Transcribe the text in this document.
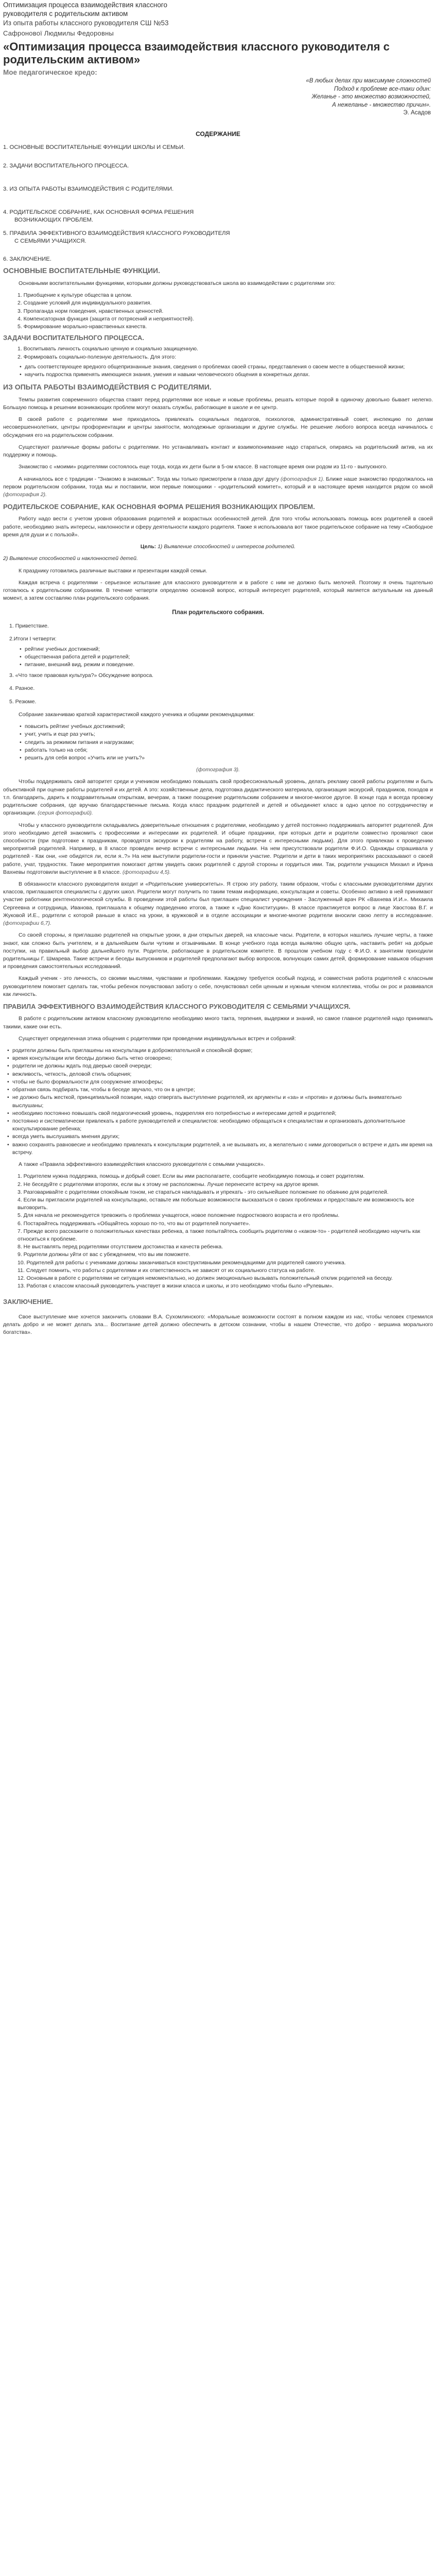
Оптимизация процесса взаимодействия классного
руководителя с родительским активом
Из опыта работы классного руководителя СШ №53
Сафронової Людмилы Федоровны
«Оптимизация процесса взаимодействия классного руководителя с родительским активом»
Мое педагогическое кредо:
«В любых делах при максимуме сложностей
Подход к проблеме все-таки один:
Желанье - это множество возможностей,
А нежеланье - множество причин».
Э. Асадов
СОДЕРЖАНИЕ
1. ОСНОВНЫЕ ВОСПИТАТЕЛЬНЫЕ ФУНКЦИИ ШКОЛЫ И СЕМЬИ.
2. ЗАДАЧИ ВОСПИТАТЕЛЬНОГО ПРОЦЕССА.
3. ИЗ ОПЫТА РАБОТЫ ВЗАИМОДЕЙСТВИЯ С РОДИТЕЛЯМИ.
4. РОДИТЕЛЬСКОЕ СОБРАНИЕ, КАК ОСНОВНАЯ ФОРМА РЕШЕНИЯ
ВОЗНИКАЮЩИХ ПРОБЛЕМ.
5. ПРАВИЛА ЭФФЕКТИВНОГО ВЗАИМОДЕЙСТВИЯ КЛАССНОГО РУКОВОДИТЕЛЯ
С СЕМЬЯМИ УЧАЩИХСЯ.
6. ЗАКЛЮЧЕНИЕ.
ОСНОВНЫЕ ВОСПИТАТЕЛЬНЫЕ ФУНКЦИИ.

Основными воспитательными функциями, которыми должны руководствоваться школа во взаимодействии с родителями это:

1. Приобщение к культуре общества в целом.
2. Создание условий для индивидуального развития.
3. Пропаганда норм поведения, нравственных ценностей.
4. Компенсаторная функция (защита от потрясений и неприятностей).
5. Формирование морально-нравственных качеств.
ЗАДАЧИ ВОСПИТАТЕЛЬНОГО ПРОЦЕССА.
1. Воспитывать личность социально ценную и социально защищенную.
2. Формировать социально-полезную деятельность. Для этого:
• дать соответствующее вредного общепризнанные знания, сведения о проблемах своей страны, представления о своем месте в общественной жизни;
• научить подростка применять имеющиеся знания, умения и навыки человеческого общения в конкретных делах.
ИЗ ОПЫТА РАБОТЫ ВЗАИМОДЕЙСТВИЯ С РОДИТЕЛЯМИ.

Темпы развития современного общества ставят перед родителями все новые и новые проблемы, решать которые порой в одиночку довольно бывает нелегко. Большую помощь в решении возникающих проблем могут оказать службы, работающие в школе и ее центр.

В своей работе с родителями мне приходилось привлекать социальных педагогов, психологов, административный совет, инспекцию по делам несовершеннолетних, центры профориентации и центры занятости, молодежные организации и другие службы. Не решение любого вопроса всегда начиналось с обсуждения его на родительском собрании.

Существуют различные формы работы с родителями. Но устанавливать контакт и взаимопонимание надо стараться, опираясь на родительский актив, на их поддержку и помощь.

Знакомство с «моими» родителями состоялось еще тогда, когда их дети были в 5-ом классе. В настоящее время они родом из 11-го - выпускного.

А начиналось все с традиции - "Знакомо в знакомых". Тогда мы только присмотрели в глаза друг другу (фотография 1). Ближе наше знакомство продолжалось на первом родительском собрании, тогда мы и поставили, мои первые помощники - «родительский комитет», который и в настоящее время находится рядом со мной (фотография 2).

РОДИТЕЛЬСКОЕ СОБРАНИЕ, КАК ОСНОВНАЯ ФОРМА РЕШЕНИЯ ВОЗНИКАЮЩИХ ПРОБЛЕМ.

Работу надо вести с учетом уровня образования родителей и возрастных особенностей детей. Для того чтобы использовать помощь всех родителей в своей работе, необходимо знать интересы, наклонности и сферу деятельности каждого родителя. Также я использовала вот такое родительское собрание на тему «Свободное время для души и с пользой».

Цель: 1) Выявление способностей и интересов родителей.

2) Выявление способностей и наклонностей детей.

К празднику готовились различные выставки и презентации каждой семьи.

Каждая встреча с родителями - серьезное испытание для классного руководителя и в работе с ним не должно быть мелочей. Поэтому я очень тщательно готовлюсь к родительским собраниям. В течение четверти определяю основной вопрос, который интересует родителей, который является актуальным на данный момент, а затем составляю план родительского собрания.

План родительского собрания.
1. Приветствие.
2.Итоги I четверти:
• рейтинг учебных достижений;
• общественная работа детей и родителей;
• питание, внешний вид, режим и поведение.
3. «Что такое правовая культура?» Обсуждение вопроса.
4. Разное.
5. Резюме.

Собрание заканчиваю краткой характеристикой каждого ученика и общими рекомендациями:

• повысить рейтинг учебных достижений;
• учит, учить и еще раз учить;
• следить за режимом питания и нагрузками;
• работать только на себя;
• решить для себя вопрос «Учить или не учить?»

(фотография 3).

Чтобы поддерживать свой авторитет среди и учеником необходимо повышать свой профессиональный уровень, делать рекламу своей работы родителям и быть объективной при оценке работы родителей и их детей. А это: хозяйственные дела, подготовка дидактического материала, организация экскурсий, праздников, походов и т.п. благодарить, дарить к поздравительным открыткам, вечерам, а также поощрение родительским собранием и многое-многое другое. В конце года я всегда провожу родительские собрания, где вручаю благодарственные письма. Когда класс праздник родителей и детей и объединяет класс в одно целое по сотрудничеству и организации. (серия фотографий).

Чтобы у классного руководителя складывались доверительные отношения с родителями, необходимо у детей постоянно поддерживать авторитет родителей. Для этого необходимо детей знакомить с профессиями и интересами их родителей. И общие праздники, при которых дети и родители совместно проявляют свои способности (при подготовке к праздникам, проводятся экскурсии к родителям на работу, встречи с интересными людьми). Для этого привлекаю к проведению мероприятий родителей. Например, в 8 классе проведен вечер встречи с интересными людьми. На нем присутствовали родители Ф.И.О. Однажды спрашивала у родителей - Как они, «не обидятся ли, если я..?» На нем выступили родители-гости и приняли участие. Родители и дети в таких мероприятиях рассказывают о своей работе, учат, трудностях. Такие мероприятия помогают детям увидеть своих родителей с другой стороны и гордиться ими. Так, родители учащихся Михаил и Ирина Вахневы подготовили выступление в 8 классе. (фотографии 4,5).

В обязанности классного руководителя входит и «Родительские университеты». Я строю эту работу, таким образом, чтобы с классными руководителями других классов, приглашаются специалисты с других школ. Родители могут получить по таким темам информацию, консультации и советы. Особенно активно в ней принимают участие работники рентгенологической службы. В проведении этой работы был приглашен специалист учреждения - Заслуженный врач РК «Вахнева И.И.». Михаила Сергеевна и сотрудница, Иванова, приглашала к общему подведению итогов, а также к «Дню Конституции». В классе практикуется вопрос в лице Хвостова В.Г. и Жуковой И.Е., родители с которой раньше в класс на уроки, в кружковой и в отделе ассоциации и многие-многие родители вносили свою лепту в исследование. (фотографии 6,7).

Со своей стороны, я приглашаю родителей на открытые уроки, в дни открытых дверей, на классные часы. Родители, в которых нашлись лучшие черты, а также знают, как сложно быть учителем, и в дальнейшем были чутким и отзывчивыми. В конце учебного года всегда выявляю общую цель, наставить ребят на добрые поступки, на правильный выбор дальнейшего пути. Родители, работающие в родительском комитете. В прошлом учебном году с Ф.И.О. к занятиям приходили родительницы Г. Шмарева. Такие встречи и беседы выпускников и родителей предполагают выбор вопросов, волнующих самих детей, формирование навыков общения и проведения самостоятельных исследований.

Каждый ученик - это личность, со своими мыслями, чувствами и проблемами. Каждому требуется особый подход, и совместная работа родителей с классным руководителем помогает сделать так, чтобы ребенок почувствовал заботу о себе, почувствовал себя ценным и нужным членом коллектива, чтобы он рос и развивался как личность.

ПРАВИЛА ЭФФЕКТИВНОГО ВЗАИМОДЕЙСТВИЯ КЛАССНОГО РУКОВОДИТЕЛЯ С СЕМЬЯМИ УЧАЩИХСЯ.

В работе с родительским активом классному руководителю необходимо много такта, терпения, выдержки и знаний, но самое главное родителей надо принимать такими, какие они есть.

Существует определенная этика общения с родителями при проведении индивидуальных встреч и собраний:

• родители должны быть приглашены на консультации в доброжелательной и спокойной форме;
• время консультации или беседы должно быть четко оговорено;
• родители не должны ждать под дверью своей очереди;
• вежливость, четкость, деловой стиль общения;
• чтобы не было формальности для сооружение атмосферы;
• обратная связь подбирать так, чтобы в беседе звучало, что он в центре;
• не должно быть жесткой, принципиальной позиции, надо отвергать выступление родителей, их аргументы и «за» и «против» и должны быть внимательно выслушаны;
• необходимо постоянно повышать свой педагогический уровень, подкрепляя его потребностью и интересами детей и родителей;
• постоянно и систематически привлекать к работе руководителей и специалистов: необходимо обращаться к специалистам и организовать дополнительное консультирование ребенка;
• всегда уметь выслушивать мнения других;
• важно сохранять равновесие и необходимо привлекать к консультации родителей, а не вызывать их, а желательно с ними договориться о встрече и дать им время на встречу.

А также «Правила эффективного взаимодействия классного руководителя с семьями учащихся».

1. Родителем нужна поддержка, помощь и добрый совет. Если вы ими располагаете, сообщите необходимую помощь и совет родителям.
2. Не беседуйте с родителями второпях, если вы к этому не расположены. Лучше перенесите встречу на другое время.
3. Разговаривайте с родителями спокойным тоном, не стараться накладывать и упрекать - это сильнейшее положение по обаянию для родителей.
4. Если вы пригласили родителей на консультацию, оставьте им побольше возможности высказаться о своих проблемах и предоставьте им возможность все выговорить.
5. Для начала не рекомендуется тревожить о проблемах учащегося, новое положение подросткового возраста и его проблемы.
6. Постарайтесь поддерживать «Общайтесь хорошо по-то, что вы от родителей получаете».
7. Прежде всего расскажите о положительных качествах ребенка, а также попытайтесь сообщить родителям о «каком-то» - родителей необходимо научить как относиться к проблеме.
8. Не выставлять перед родителями отсутствием достоинства и качеств ребенка.
9. Родители должны уйти от вас с убеждением, что вы им поможете.
10. Родителей для работы с учениками должны заканчиваться конструктивными рекомендациями для родителей самого ученика.
11. Следует помнить, что работы с родителями и их ответственность не зависят от их социального статуса на работе.
12. Основным в работе с родителями не ситуация немоментально, но должен эмоционально вызывать положительный отклик родителей на беседу.
13. Работая с классом классный руководитель участвует в жизни класса и школы, и это необходимо чтобы было «Рулевым».
ЗАКЛЮЧЕНИЕ.

Свое выступление мне хочется закончить словами В.А. Сухомлинского: «Моральные возможности состоят в полном каждом из нас, чтобы человек стремился делать добро и не может делать зла... Воспитание детей должно обеспечить в детском сознании, чтобы в нашем Отечестве, что добро - вершина морального богатства».
